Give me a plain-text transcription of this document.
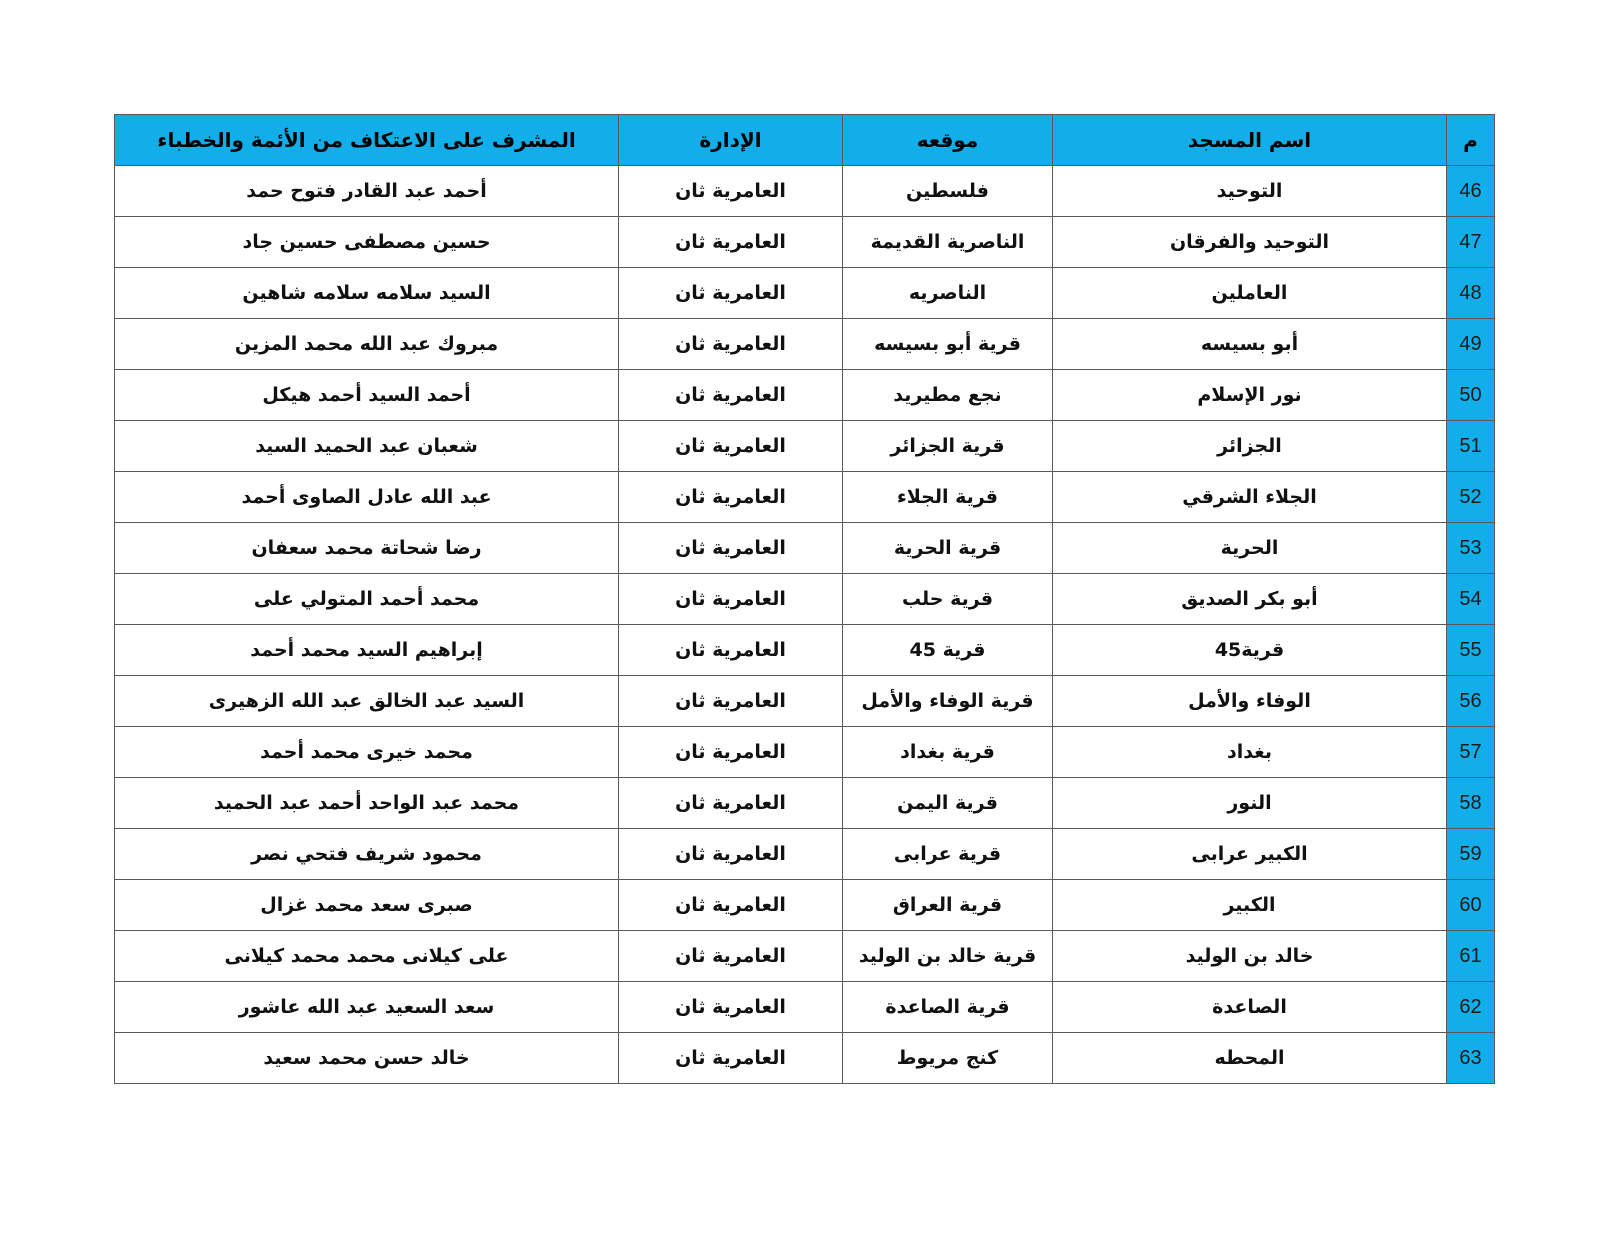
م	اسم المسجد	موقعه	الإدارة	المشرف على الاعتكاف من الأئمة والخطباء
46	التوحيد	فلسطين	العامرية ثان	أحمد عبد القادر فتوح حمد
47	التوحيد والفرقان	الناصرية القديمة	العامرية ثان	حسين مصطفى حسين جاد
48	العاملين	الناصريه	العامرية ثان	السيد سلامه سلامه شاهين
49	أبو بسيسه	قرية أبو بسيسه	العامرية ثان	مبروك عبد الله محمد المزين
50	نور الإسلام	نجع مطيريد	العامرية ثان	أحمد السيد أحمد هيكل
51	الجزائر	قرية الجزائر	العامرية ثان	شعبان عبد الحميد السيد
52	الجلاء الشرقي	قرية الجلاء	العامرية ثان	عبد الله عادل الصاوى أحمد
53	الحرية	قرية الحرية	العامرية ثان	رضا شحاتة محمد سعفان
54	أبو بكر الصديق	قرية حلب	العامرية ثان	محمد أحمد المتولي على
55	قرية45	قرية 45	العامرية ثان	إبراهيم السيد محمد أحمد
56	الوفاء والأمل	قرية الوفاء والأمل	العامرية ثان	السيد عبد الخالق عبد الله الزهيرى
57	بغداد	قرية بغداد	العامرية ثان	محمد خيرى محمد أحمد
58	النور	قرية اليمن	العامرية ثان	محمد عبد الواحد أحمد عبد الحميد
59	الكبير عرابى	قرية عرابى	العامرية ثان	محمود شريف فتحي نصر
60	الكبير	قرية العراق	العامرية ثان	صبرى سعد محمد غزال
61	خالد بن الوليد	قرية خالد بن الوليد	العامرية ثان	على كيلانى محمد محمد كيلانى
62	الصاعدة	قرية الصاعدة	العامرية ثان	سعد السعيد عبد الله عاشور
63	المحطه	كنج مريوط	العامرية ثان	خالد حسن محمد سعيد
